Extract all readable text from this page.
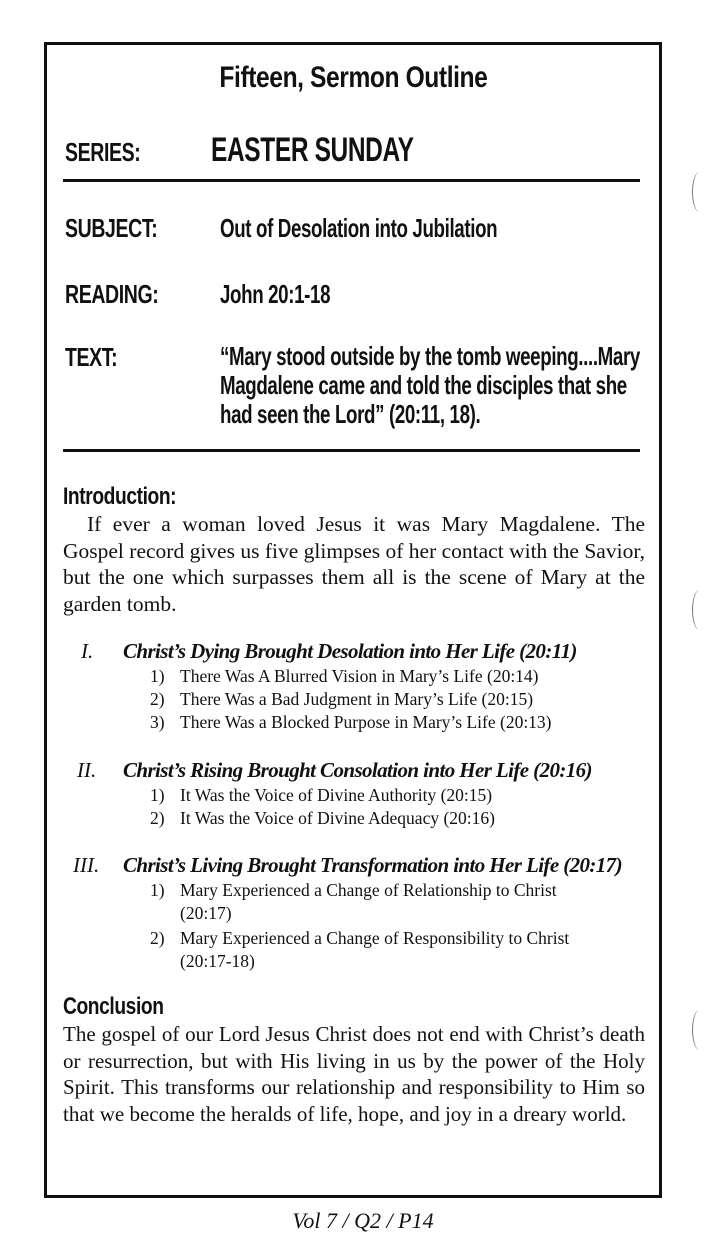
Fifteen, Sermon Outline
SERIES:	EASTER SUNDAY
SUBJECT:	Out of Desolation into Jubilation
READING:	John 20:1-18
TEXT:	“Mary stood outside by the tomb weeping....Mary
Magdalene came and told the disciples that she
had seen the Lord” (20:11, 18).
Introduction:
If ever a woman loved Jesus it was Mary Magdalene. The Gospel record gives us five glimpses of her contact with the Savior, but the one which surpasses them all is the scene of Mary at the garden tomb.
I. Christ’s Dying Brought Desolation into Her Life (20:11)
1) There Was A Blurred Vision in Mary’s Life (20:14)
2) There Was a Bad Judgment in Mary’s Life (20:15)
3) There Was a Blocked Purpose in Mary’s Life (20:13)
II. Christ’s Rising Brought Consolation into Her Life (20:16)
1) It Was the Voice of Divine Authority (20:15)
2) It Was the Voice of Divine Adequacy (20:16)
III. Christ’s Living Brought Transformation into Her Life (20:17)
1) Mary Experienced a Change of Relationship to Christ
(20:17)
2) Mary Experienced a Change of Responsibility to Christ
(20:17-18)
Conclusion
The gospel of our Lord Jesus Christ does not end with Christ’s death or resurrection, but with His living in us by the power of the Holy Spirit. This transforms our relationship and responsibility to Him so that we become the heralds of life, hope, and joy in a dreary world.
Vol 7 / Q2 / P14
